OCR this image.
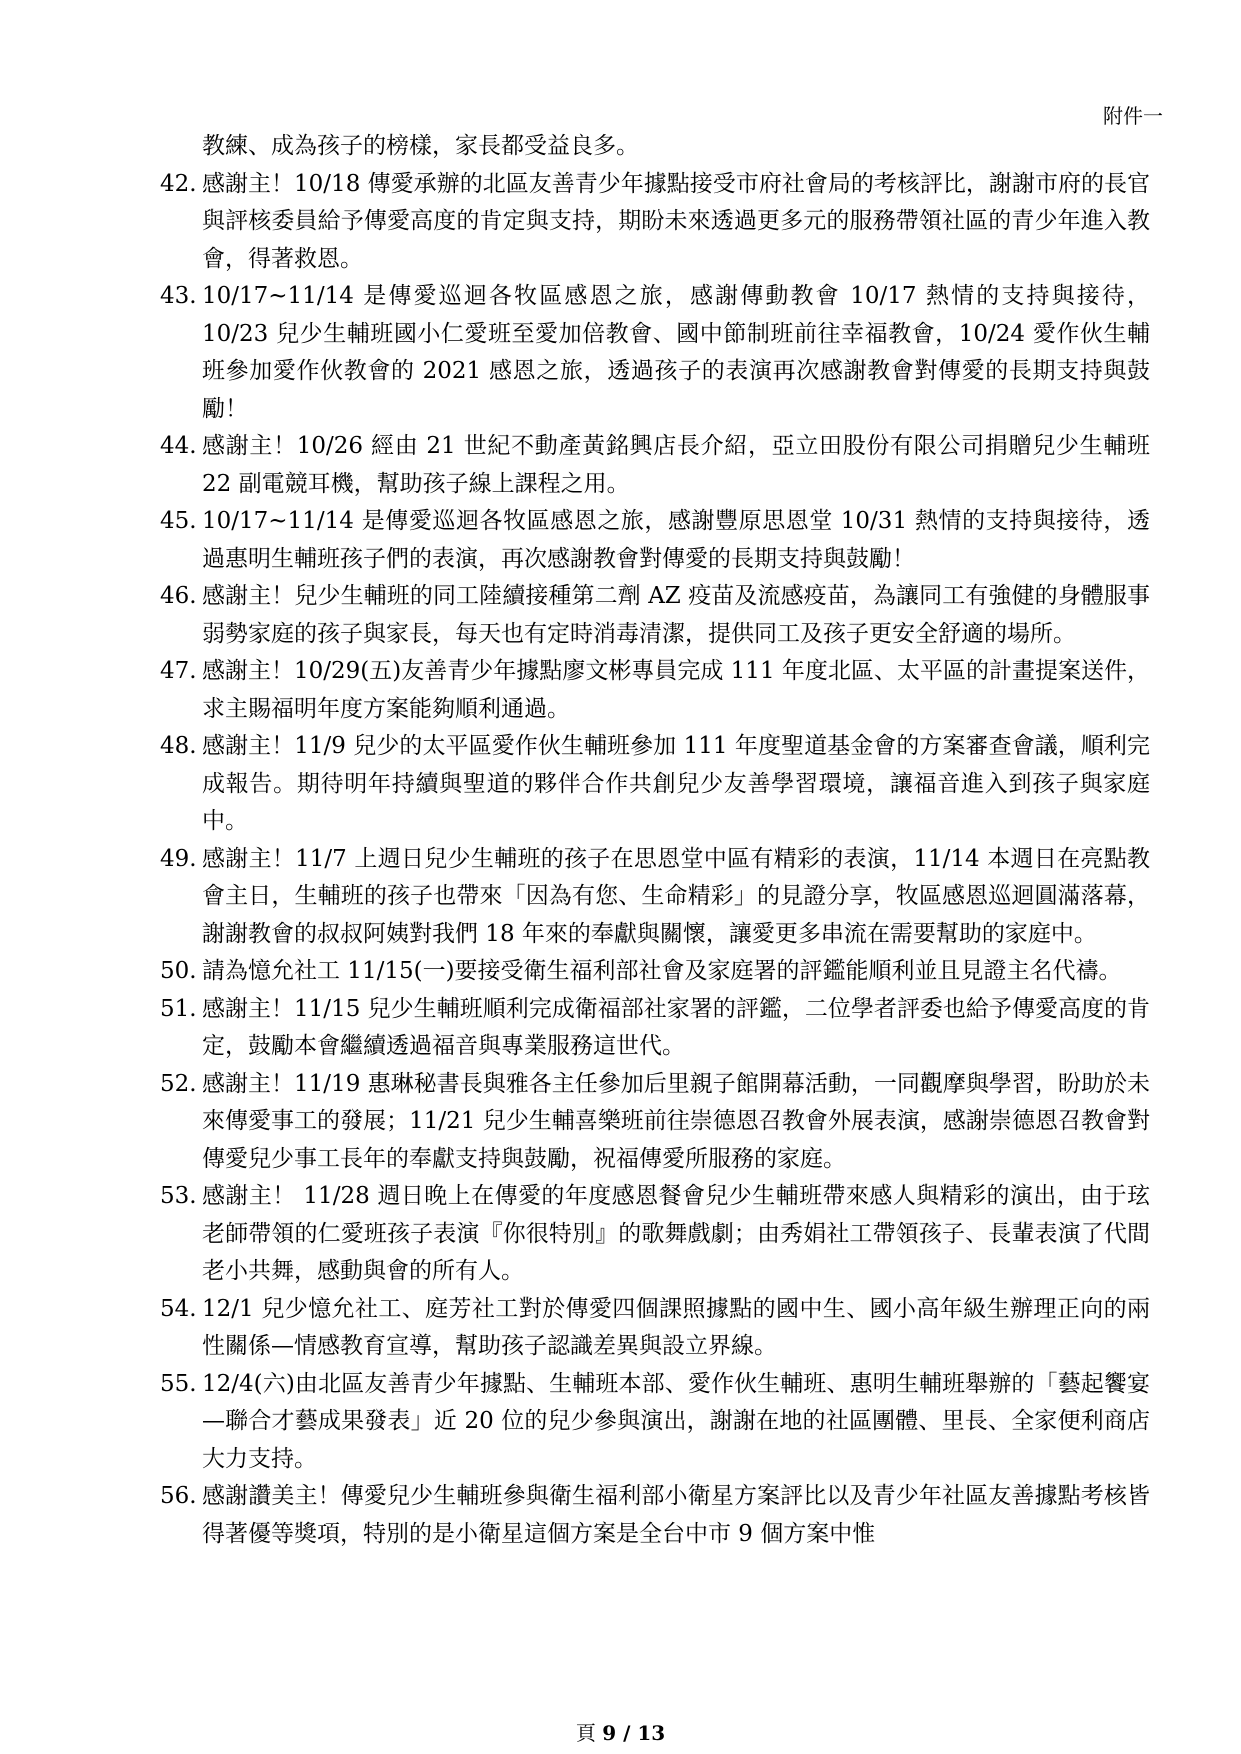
附件一
教練、成為孩子的榜樣，家長都受益良多。
42. 感謝主！10/18 傳愛承辦的北區友善青少年據點接受市府社會局的考核評比，謝謝市府的長官與評核委員給予傳愛高度的肯定與支持，期盼未來透過更多元的服務帶領社區的青少年進入教會，得著救恩。
43. 10/17~11/14 是傳愛巡迴各牧區感恩之旅，感謝傳動教會 10/17 熱情的支持與接待，10/23 兒少生輔班國小仁愛班至愛加倍教會、國中節制班前往幸福教會，10/24 愛作伙生輔班參加愛作伙教會的 2021 感恩之旅，透過孩子的表演再次感謝教會對傳愛的長期支持與鼓勵！
44. 感謝主！10/26 經由 21 世紀不動產黃銘興店長介紹，亞立田股份有限公司捐贈兒少生輔班 22 副電競耳機，幫助孩子線上課程之用。
45. 10/17~11/14 是傳愛巡迴各牧區感恩之旅，感謝豐原思恩堂 10/31 熱情的支持與接待，透過惠明生輔班孩子們的表演，再次感謝教會對傳愛的長期支持與鼓勵！
46. 感謝主！兒少生輔班的同工陸續接種第二劑 AZ 疫苗及流感疫苗，為讓同工有強健的身體服事弱勢家庭的孩子與家長，每天也有定時消毒清潔，提供同工及孩子更安全舒適的場所。
47. 感謝主！10/29(五)友善青少年據點廖文彬專員完成 111 年度北區、太平區的計畫提案送件，求主賜福明年度方案能夠順利通過。
48. 感謝主！11/9 兒少的太平區愛作伙生輔班參加 111 年度聖道基金會的方案審查會議，順利完成報告。期待明年持續與聖道的夥伴合作共創兒少友善學習環境，讓福音進入到孩子與家庭中。
49. 感謝主！11/7 上週日兒少生輔班的孩子在思恩堂中區有精彩的表演，11/14 本週日在亮點教會主日，生輔班的孩子也帶來「因為有您、生命精彩」的見證分享，牧區感恩巡迴圓滿落幕，謝謝教會的叔叔阿姨對我們 18 年來的奉獻與關懷，讓愛更多串流在需要幫助的家庭中。
50. 請為憶允社工 11/15(一)要接受衛生福利部社會及家庭署的評鑑能順利並且見證主名代禱。
51. 感謝主！11/15 兒少生輔班順利完成衛福部社家署的評鑑，二位學者評委也給予傳愛高度的肯定，鼓勵本會繼續透過福音與專業服務這世代。
52. 感謝主！11/19 惠琳秘書長與雅各主任參加后里親子館開幕活動，一同觀摩與學習，盼助於未來傳愛事工的發展；11/21 兒少生輔喜樂班前往崇德恩召教會外展表演，感謝崇德恩召教會對傳愛兒少事工長年的奉獻支持與鼓勵，祝福傳愛所服務的家庭。
53. 感謝主！ 11/28 週日晚上在傳愛的年度感恩餐會兒少生輔班帶來感人與精彩的演出，由于玹老師帶領的仁愛班孩子表演『你很特別』的歌舞戲劇；由秀娟社工帶領孩子、長輩表演了代間老小共舞，感動與會的所有人。
54. 12/1 兒少憶允社工、庭芳社工對於傳愛四個課照據點的國中生、國小高年級生辦理正向的兩性關係—情感教育宣導，幫助孩子認識差異與設立界線。
55. 12/4(六)由北區友善青少年據點、生輔班本部、愛作伙生輔班、惠明生輔班舉辦的「藝起饗宴—聯合才藝成果發表」近 20 位的兒少參與演出，謝謝在地的社區團體、里長、全家便利商店大力支持。
56. 感謝讚美主！傳愛兒少生輔班參與衛生福利部小衛星方案評比以及青少年社區友善據點考核皆得著優等獎項，特別的是小衛星這個方案是全台中市 9 個方案中惟
頁 9 / 13
